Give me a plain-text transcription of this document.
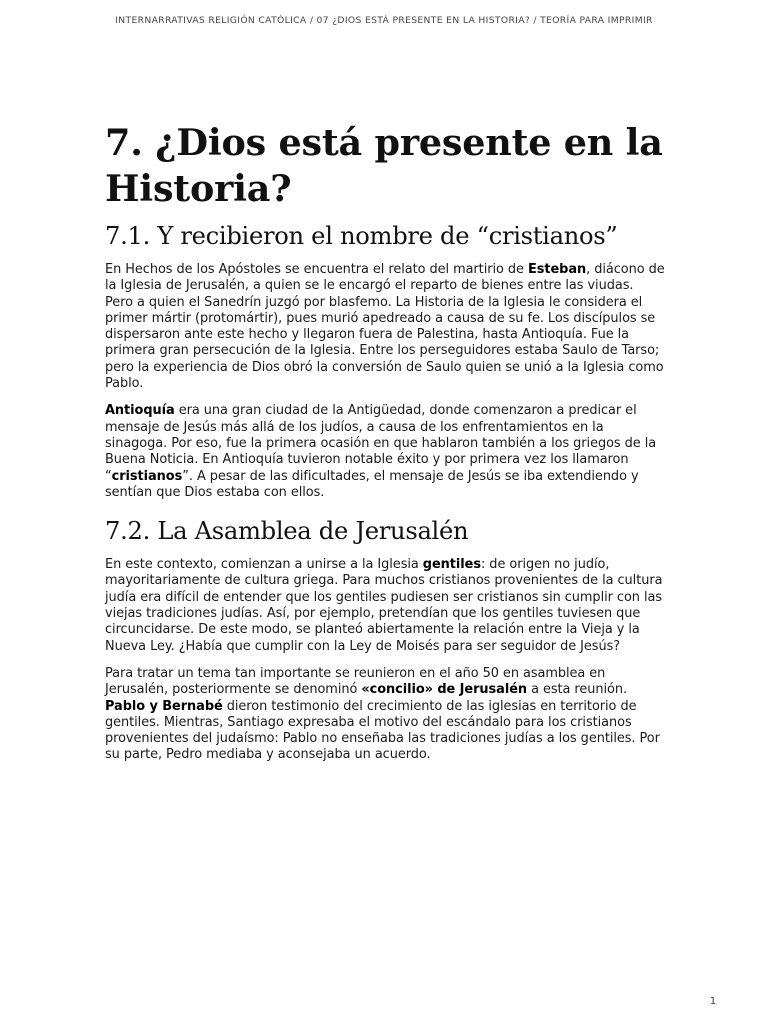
INTERNARRATIVAS RELIGIÓN CATÓLICA / 07 ¿DIOS ESTÁ PRESENTE EN LA HISTORIA? / TEORÍA PARA IMPRIMIR
7. ¿Dios está presente en la Historia?
7.1. Y recibieron el nombre de “cristianos”

En Hechos de los Apóstoles se encuentra el relato del martirio de Esteban, diácono de la Iglesia de Jerusalén, a quien se le encargó el reparto de bienes entre las viudas. Pero a quien el Sanedrín juzgó por blasfemo. La Historia de la Iglesia le considera el primer mártir (protomártir), pues murió apedreado a causa de su fe. Los discípulos se dispersaron ante este hecho y llegaron fuera de Palestina, hasta Antioquía. Fue la primera gran persecución de la Iglesia. Entre los perseguidores estaba Saulo de Tarso; pero la experiencia de Dios obró la conversión de Saulo quien se unió a la Iglesia como Pablo.

Antioquía era una gran ciudad de la Antigüedad, donde comenzaron a predicar el mensaje de Jesús más allá de los judíos, a causa de los enfrentamientos en la sinagoga. Por eso, fue la primera ocasión en que hablaron también a los griegos de la Buena Noticia. En Antioquía tuvieron notable éxito y por primera vez los llamaron “cristianos”. A pesar de las dificultades, el mensaje de Jesús se iba extendiendo y sentían que Dios estaba con ellos.

7.2. La Asamblea de Jerusalén

En este contexto, comienzan a unirse a la Iglesia gentiles: de origen no judío, mayoritariamente de cultura griega. Para muchos cristianos provenientes de la cultura judía era difícil de entender que los gentiles pudiesen ser cristianos sin cumplir con las viejas tradiciones judías. Así, por ejemplo, pretendían que los gentiles tuviesen que circuncidarse. De este modo, se planteó abiertamente la relación entre la Vieja y la Nueva Ley. ¿Había que cumplir con la Ley de Moisés para ser seguidor de Jesús?

Para tratar un tema tan importante se reunieron en el año 50 en asamblea en Jerusalén, posteriormente se denominó «concilio» de Jerusalén a esta reunión. Pablo y Bernabé dieron testimonio del crecimiento de las iglesias en territorio de gentiles. Mientras, Santiago expresaba el motivo del escándalo para los cristianos provenientes del judaísmo: Pablo no enseñaba las tradiciones judías a los gentiles. Por su parte, Pedro mediaba y aconsejaba un acuerdo.

1
